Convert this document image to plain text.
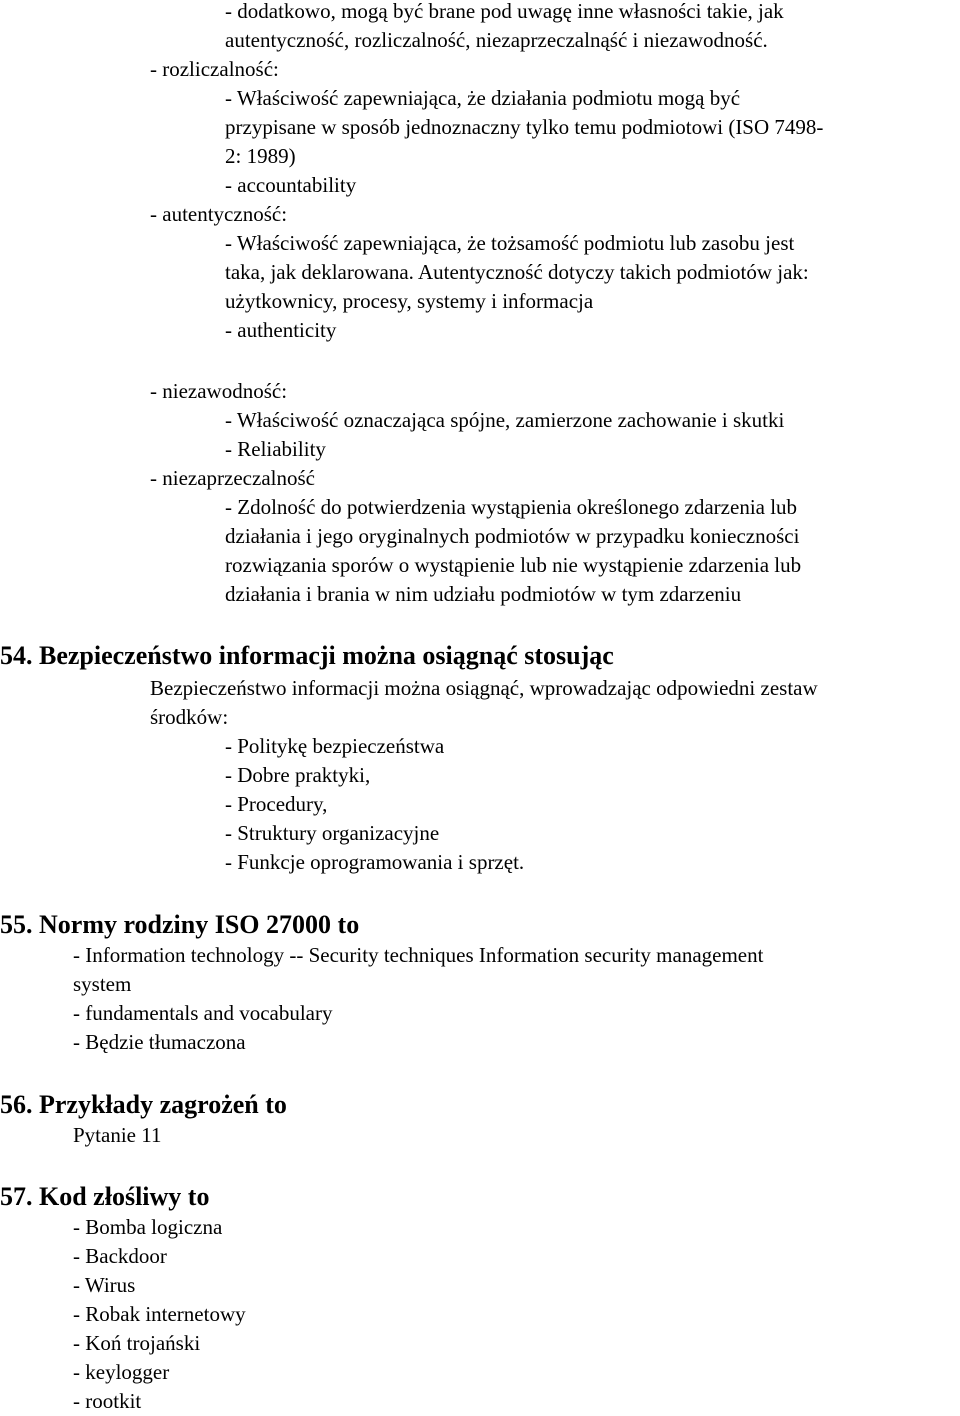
- dodatkowo, mogą być brane pod uwagę inne własności takie, jak
autentyczność, rozliczalność, niezaprzeczalnąść i niezawodność.
- rozliczalność:
- Właściwość zapewniająca, że działania podmiotu mogą być
przypisane w sposób jednoznaczny tylko temu podmiotowi (ISO 7498-
2: 1989)
- accountability
- autentyczność:
- Właściwość zapewniająca, że tożsamość podmiotu lub zasobu jest
taka, jak deklarowana. Autentyczność dotyczy takich podmiotów jak:
użytkownicy, procesy, systemy i informacja
- authenticity
- niezawodność:
- Właściwość oznaczająca spójne, zamierzone zachowanie i skutki
- Reliability
- niezaprzeczalność
- Zdolność do potwierdzenia wystąpienia określonego zdarzenia lub
działania i jego oryginalnych podmiotów w przypadku konieczności
rozwiązania sporów o wystąpienie lub nie wystąpienie zdarzenia lub
działania i brania w nim udziału podmiotów w tym zdarzeniu
54. Bezpieczeństwo informacji można osiągnąć stosując
Bezpieczeństwo informacji można osiągnąć, wprowadzając odpowiedni zestaw
środków:
- Politykę bezpieczeństwa
- Dobre praktyki,
- Procedury,
- Struktury organizacyjne
- Funkcje oprogramowania i sprzęt.
55. Normy rodziny ISO 27000 to
- Information technology -- Security techniques Information security management
system
- fundamentals and vocabulary
- Będzie tłumaczona
56. Przykłady zagrożeń to
Pytanie 11
57. Kod złośliwy to
- Bomba logiczna
- Backdoor
- Wirus
- Robak internetowy
- Koń trojański
- keylogger
- rootkit
